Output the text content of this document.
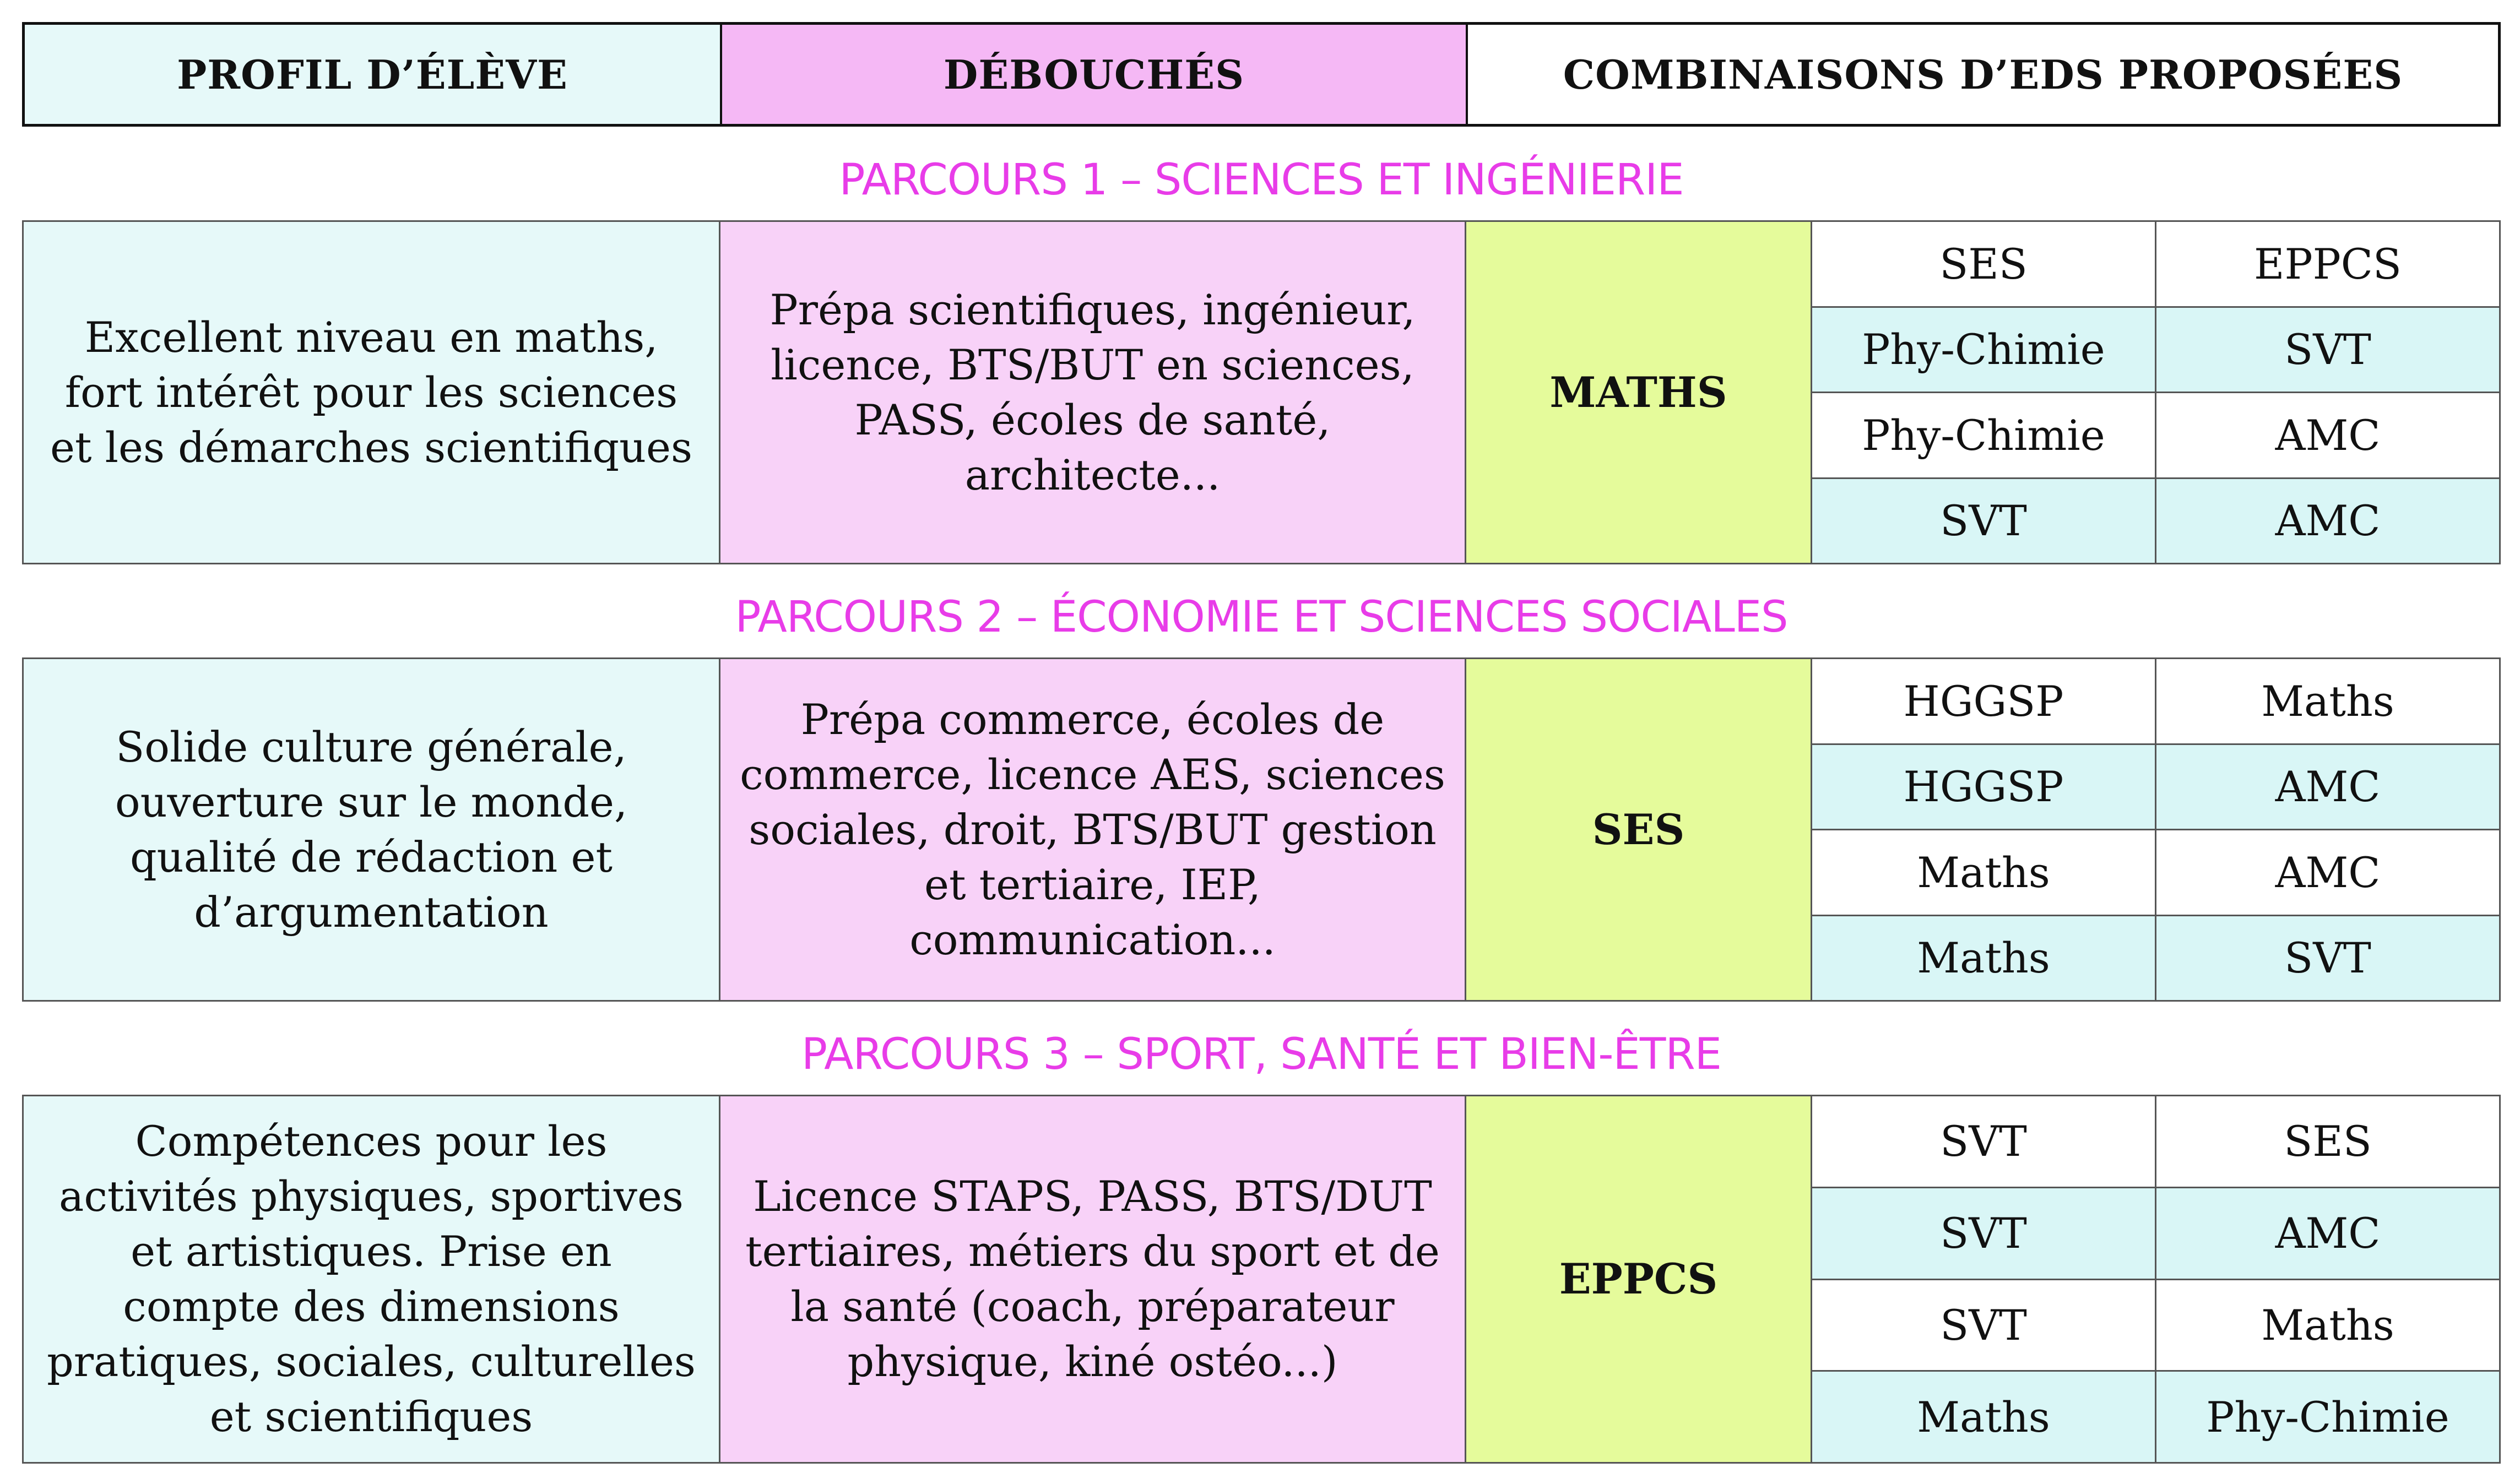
PROFIL D’ÉLÈVE	DÉBOUCHÉS	COMBINAISONS D’EDS PROPOSÉES
PARCOURS 1 – SCIENCES ET INGÉNIERIE
Excellent niveau en maths, fort intérêt pour les sciences et les démarches scientifiques
Prépa scientifiques, ingénieur, licence, BTS/BUT en sciences, PASS, écoles de santé, architecte...
MATHS
SES	EPPCS
Phy-Chimie	SVT
Phy-Chimie	AMC
SVT	AMC
PARCOURS 2 – ÉCONOMIE ET SCIENCES SOCIALES
Solide culture générale, ouverture sur le monde, qualité de rédaction et d’argumentation
Prépa commerce, écoles de commerce, licence AES, sciences sociales, droit, BTS/BUT gestion et tertiaire, IEP, communication...
SES
HGGSP	Maths
HGGSP	AMC
Maths	AMC
Maths	SVT
PARCOURS 3 – SPORT, SANTÉ ET BIEN-ÊTRE
Compétences pour les activités physiques, sportives et artistiques. Prise en compte des dimensions pratiques, sociales, culturelles et scientifiques
Licence STAPS, PASS, BTS/DUT tertiaires, métiers du sport et de la santé (coach, préparateur physique, kiné ostéo...)
EPPCS
SVT	SES
SVT	AMC
SVT	Maths
Maths	Phy-Chimie
